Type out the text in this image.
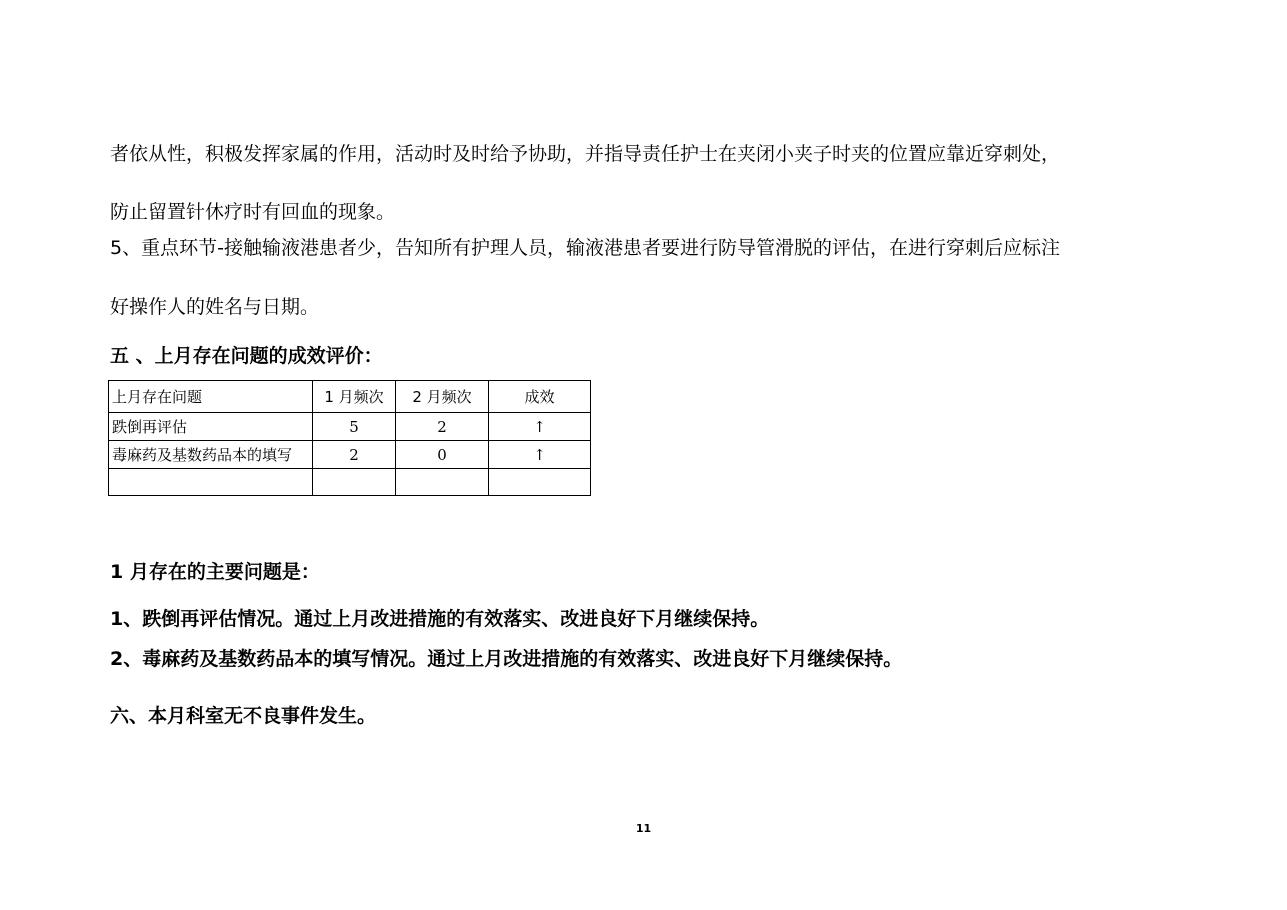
者依从性，积极发挥家属的作用，活动时及时给予协助，并指导责任护士在夹闭小夹子时夹的位置应靠近穿刺处，
防止留置针休疗时有回血的现象。
5、重点环节-接触输液港患者少，告知所有护理人员，输液港患者要进行防导管滑脱的评估，在进行穿刺后应标注
好操作人的姓名与日期。
五 、上月存在问题的成效评价：
上月存在问题	1 月频次	2 月频次	成效
跌倒再评估	5	2	↑
毒麻药及基数药品本的填写	2	0	↑

1 月存在的主要问题是：
1、跌倒再评估情况。通过上月改进措施的有效落实、改进良好下月继续保持。
2、毒麻药及基数药品本的填写情况。通过上月改进措施的有效落实、改进良好下月继续保持。
六、本月科室无不良事件发生。
11
